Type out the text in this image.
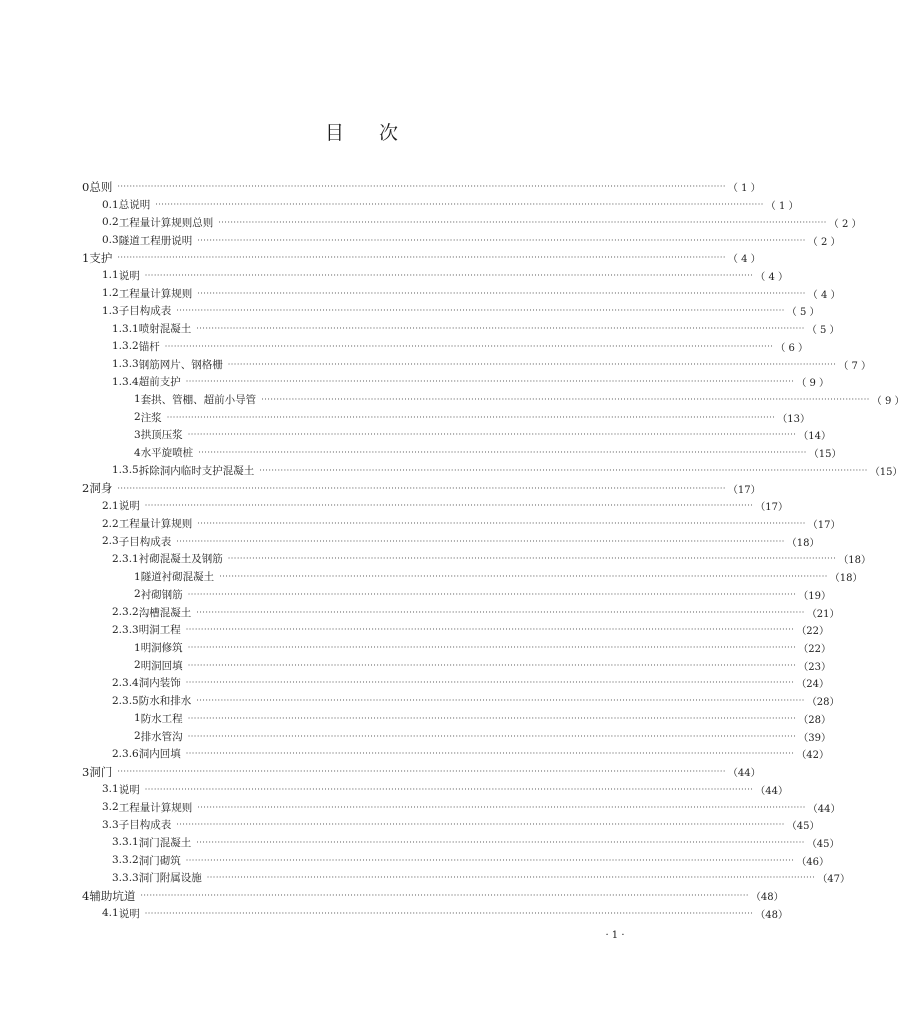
目 次
0 总则 ········································································································································································································ （ 1 ）
0.1 总说明 ········································································································································································································ （ 1 ）
0.2 工程量计算规则总则 ········································································································································································································ （ 2 ）
0.3 隧道工程册说明 ········································································································································································································ （ 2 ）
1 支护 ········································································································································································································ （ 4 ）
1.1 说明 ········································································································································································································ （ 4 ）
1.2 工程量计算规则 ········································································································································································································ （ 4 ）
1.3 子目构成表 ········································································································································································································ （ 5 ）
1.3.1 喷射混凝土 ········································································································································································································ （ 5 ）
1.3.2 锚杆 ········································································································································································································ （ 6 ）
1.3.3 钢筋网片、钢格栅 ········································································································································································································ （ 7 ）
1.3.4 超前支护 ········································································································································································································ （ 9 ）
1 套拱、管棚、超前小导管 ········································································································································································································ （ 9 ）
2 注浆 ········································································································································································································ （13）
3 拱顶压浆 ········································································································································································································ （14）
4 水平旋喷桩 ········································································································································································································ （15）
1.3.5 拆除洞内临时支护混凝土 ········································································································································································································ （15）
2 洞身 ········································································································································································································ （17）
2.1 说明 ········································································································································································································ （17）
2.2 工程量计算规则 ········································································································································································································ （17）
2.3 子目构成表 ········································································································································································································ （18）
2.3.1 衬砌混凝土及钢筋 ········································································································································································································ （18）
1 隧道衬砌混凝土 ········································································································································································································ （18）
2 衬砌钢筋 ········································································································································································································ （19）
2.3.2 沟槽混凝土 ········································································································································································································ （21）
2.3.3 明洞工程 ········································································································································································································ （22）
1 明洞修筑 ········································································································································································································ （22）
2 明洞回填 ········································································································································································································ （23）
2.3.4 洞内装饰 ········································································································································································································ （24）
2.3.5 防水和排水 ········································································································································································································ （28）
1 防水工程 ········································································································································································································ （28）
2 排水管沟 ········································································································································································································ （39）
2.3.6 洞内回填 ········································································································································································································ （42）
3 洞门 ········································································································································································································ （44）
3.1 说明 ········································································································································································································ （44）
3.2 工程量计算规则 ········································································································································································································ （44）
3.3 子目构成表 ········································································································································································································ （45）
3.3.1 洞门混凝土 ········································································································································································································ （45）
3.3.2 洞门砌筑 ········································································································································································································ （46）
3.3.3 洞门附属设施 ········································································································································································································ （47）
4 辅助坑道 ········································································································································································································ （48）
4.1 说明 ········································································································································································································ （48）
· 1 ·
